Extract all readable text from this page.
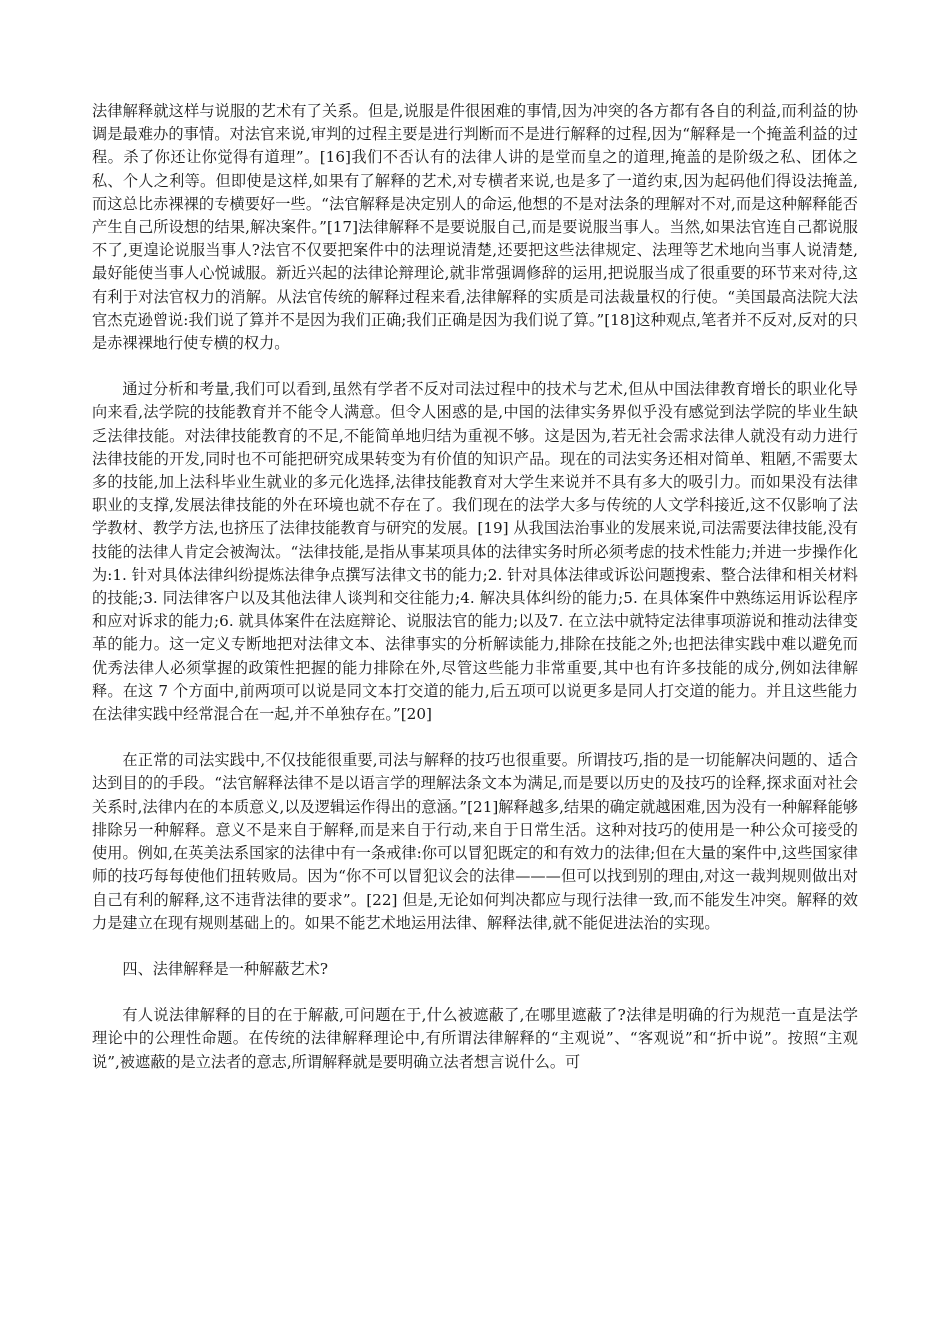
法律解释就这样与说服的艺术有了关系。但是,说服是件很困难的事情,因为冲突的各方都有各自的利益,而利益的协调是最难办的事情。对法官来说,审判的过程主要是进行判断而不是进行解释的过程,因为“解释是一个掩盖利益的过程。杀了你还让你觉得有道理”。[16]我们不否认有的法律人讲的是堂而皇之的道理,掩盖的是阶级之私、团体之私、个人之利等。但即使是这样,如果有了解释的艺术,对专横者来说,也是多了一道约束,因为起码他们得设法掩盖,而这总比赤裸裸的专横要好一些。“法官解释是决定别人的命运,他想的不是对法条的理解对不对,而是这种解释能否产生自己所设想的结果,解决案件。”[17]法律解释不是要说服自己,而是要说服当事人。当然,如果法官连自己都说服不了,更遑论说服当事人?法官不仅要把案件中的法理说清楚,还要把这些法律规定、法理等艺术地向当事人说清楚,最好能使当事人心悦诚服。新近兴起的法律论辩理论,就非常强调修辞的运用,把说服当成了很重要的环节来对待,这有利于对法官权力的消解。从法官传统的解释过程来看,法律解释的实质是司法裁量权的行使。“美国最高法院大法官杰克逊曾说:我们说了算并不是因为我们正确;我们正确是因为我们说了算。”[18]这种观点,笔者并不反对,反对的只是赤裸裸地行使专横的权力。

通过分析和考量,我们可以看到,虽然有学者不反对司法过程中的技术与艺术,但从中国法律教育增长的职业化导向来看,法学院的技能教育并不能令人满意。但令人困惑的是,中国的法律实务界似乎没有感觉到法学院的毕业生缺乏法律技能。对法律技能教育的不足,不能简单地归结为重视不够。这是因为,若无社会需求法律人就没有动力进行法律技能的开发,同时也不可能把研究成果转变为有价值的知识产品。现在的司法实务还相对简单、粗陋,不需要太多的技能,加上法科毕业生就业的多元化选择,法律技能教育对大学生来说并不具有多大的吸引力。而如果没有法律职业的支撑,发展法律技能的外在环境也就不存在了。我们现在的法学大多与传统的人文学科接近,这不仅影响了法学教材、教学方法,也挤压了法律技能教育与研究的发展。[19] 从我国法治事业的发展来说,司法需要法律技能,没有技能的法律人肯定会被淘汰。“法律技能,是指从事某项具体的法律实务时所必须考虑的技术性能力;并进一步操作化为:1. 针对具体法律纠纷提炼法律争点撰写法律文书的能力;2. 针对具体法律或诉讼问题搜索、整合法律和相关材料的技能;3. 同法律客户以及其他法律人谈判和交往能力;4. 解决具体纠纷的能力;5. 在具体案件中熟练运用诉讼程序和应对诉求的能力;6. 就具体案件在法庭辩论、说服法官的能力;以及7. 在立法中就特定法律事项游说和推动法律变革的能力。这一定义专断地把对法律文本、法律事实的分析解读能力,排除在技能之外;也把法律实践中难以避免而优秀法律人必须掌握的政策性把握的能力排除在外,尽管这些能力非常重要,其中也有许多技能的成分,例如法律解释。在这 7 个方面中,前两项可以说是同文本打交道的能力,后五项可以说更多是同人打交道的能力。并且这些能力在法律实践中经常混合在一起,并不单独存在。”[20]

在正常的司法实践中,不仅技能很重要,司法与解释的技巧也很重要。所谓技巧,指的是一切能解决问题的、适合达到目的的手段。“法官解释法律不是以语言学的理解法条文本为满足,而是要以历史的及技巧的诠释,探求面对社会关系时,法律内在的本质意义,以及逻辑运作得出的意涵。”[21]解释越多,结果的确定就越困难,因为没有一种解释能够排除另一种解释。意义不是来自于解释,而是来自于行动,来自于日常生活。这种对技巧的使用是一种公众可接受的使用。例如,在英美法系国家的法律中有一条戒律:你可以冒犯既定的和有效力的法律;但在大量的案件中,这些国家律师的技巧每每使他们扭转败局。因为“你不可以冒犯议会的法律———但可以找到别的理由,对这一裁判规则做出对自己有利的解释,这不违背法律的要求”。[22] 但是,无论如何判决都应与现行法律一致,而不能发生冲突。解释的效力是建立在现有规则基础上的。如果不能艺术地运用法律、解释法律,就不能促进法治的实现。

四、法律解释是一种解蔽艺术?

有人说法律解释的目的在于解蔽,可问题在于,什么被遮蔽了,在哪里遮蔽了?法律是明确的行为规范一直是法学理论中的公理性命题。在传统的法律解释理论中,有所谓法律解释的“主观说”、“客观说”和“折中说”。按照“主观说”,被遮蔽的是立法者的意志,所谓解释就是要明确立法者想言说什么。可
